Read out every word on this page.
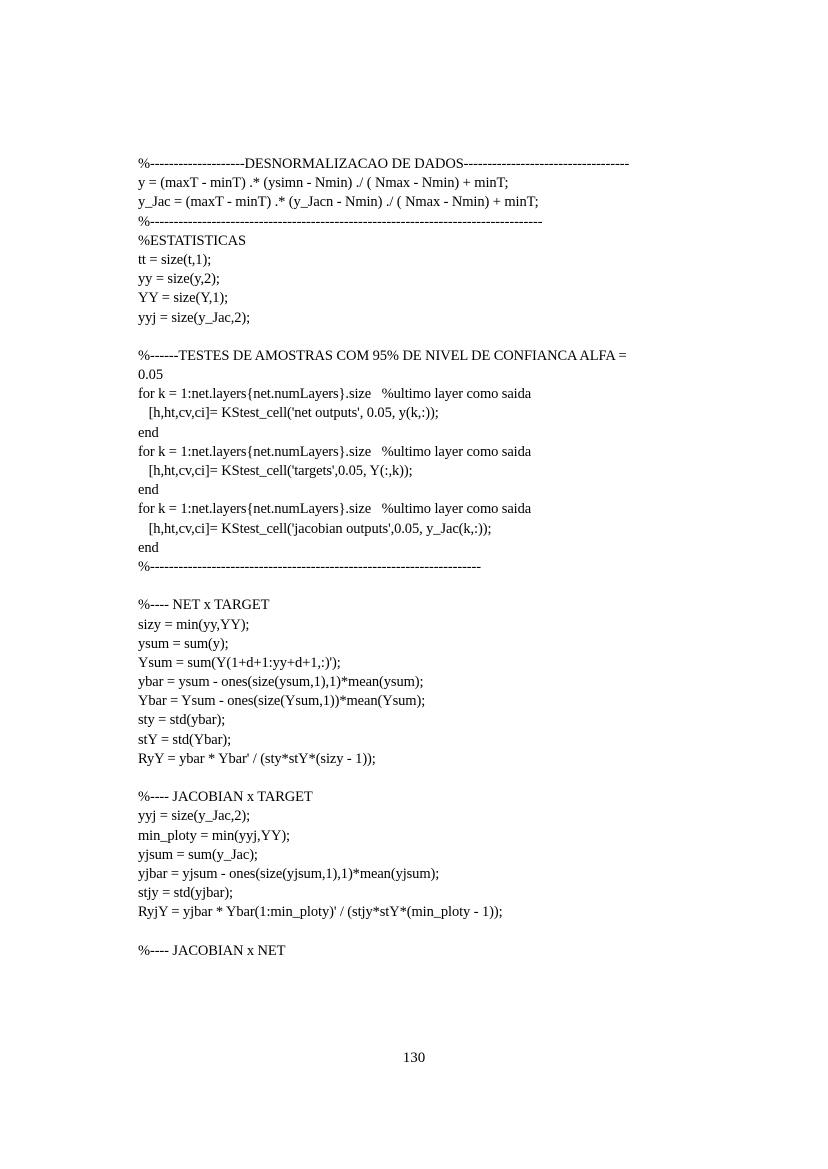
%--------------------DESNORMALIZACAO DE DADOS-----------------------------------
y = (maxT - minT) .* (ysimn - Nmin) ./ ( Nmax - Nmin) + minT;
y_Jac = (maxT - minT) .* (y_Jacn - Nmin) ./ ( Nmax - Nmin) + minT;
%-----------------------------------------------------------------------------------
%ESTATISTICAS
tt = size(t,1);
yy = size(y,2);
YY = size(Y,1);
yyj = size(y_Jac,2);
%------TESTES DE AMOSTRAS COM 95% DE NIVEL DE CONFIANCA ALFA =
0.05
for k = 1:net.layers{net.numLayers}.size   %ultimo layer como saida
[h,ht,cv,ci]= KStest_cell('net outputs', 0.05, y(k,:));
end
for k = 1:net.layers{net.numLayers}.size   %ultimo layer como saida
[h,ht,cv,ci]= KStest_cell('targets',0.05, Y(:,k));
end
for k = 1:net.layers{net.numLayers}.size   %ultimo layer como saida
[h,ht,cv,ci]= KStest_cell('jacobian outputs',0.05, y_Jac(k,:));
end
%----------------------------------------------------------------------
%---- NET x TARGET
sizy = min(yy,YY);
ysum = sum(y);
Ysum = sum(Y(1+d+1:yy+d+1,:)');
ybar = ysum - ones(size(ysum,1),1)*mean(ysum);
Ybar = Ysum - ones(size(Ysum,1))*mean(Ysum);
sty = std(ybar);
stY = std(Ybar);
RyY = ybar * Ybar' / (sty*stY*(sizy - 1));
%---- JACOBIAN x TARGET
yyj = size(y_Jac,2);
min_ploty = min(yyj,YY);
yjsum = sum(y_Jac);
yjbar = yjsum - ones(size(yjsum,1),1)*mean(yjsum);
stjy = std(yjbar);
RyjY = yjbar * Ybar(1:min_ploty)' / (stjy*stY*(min_ploty - 1));
%---- JACOBIAN x NET
130
